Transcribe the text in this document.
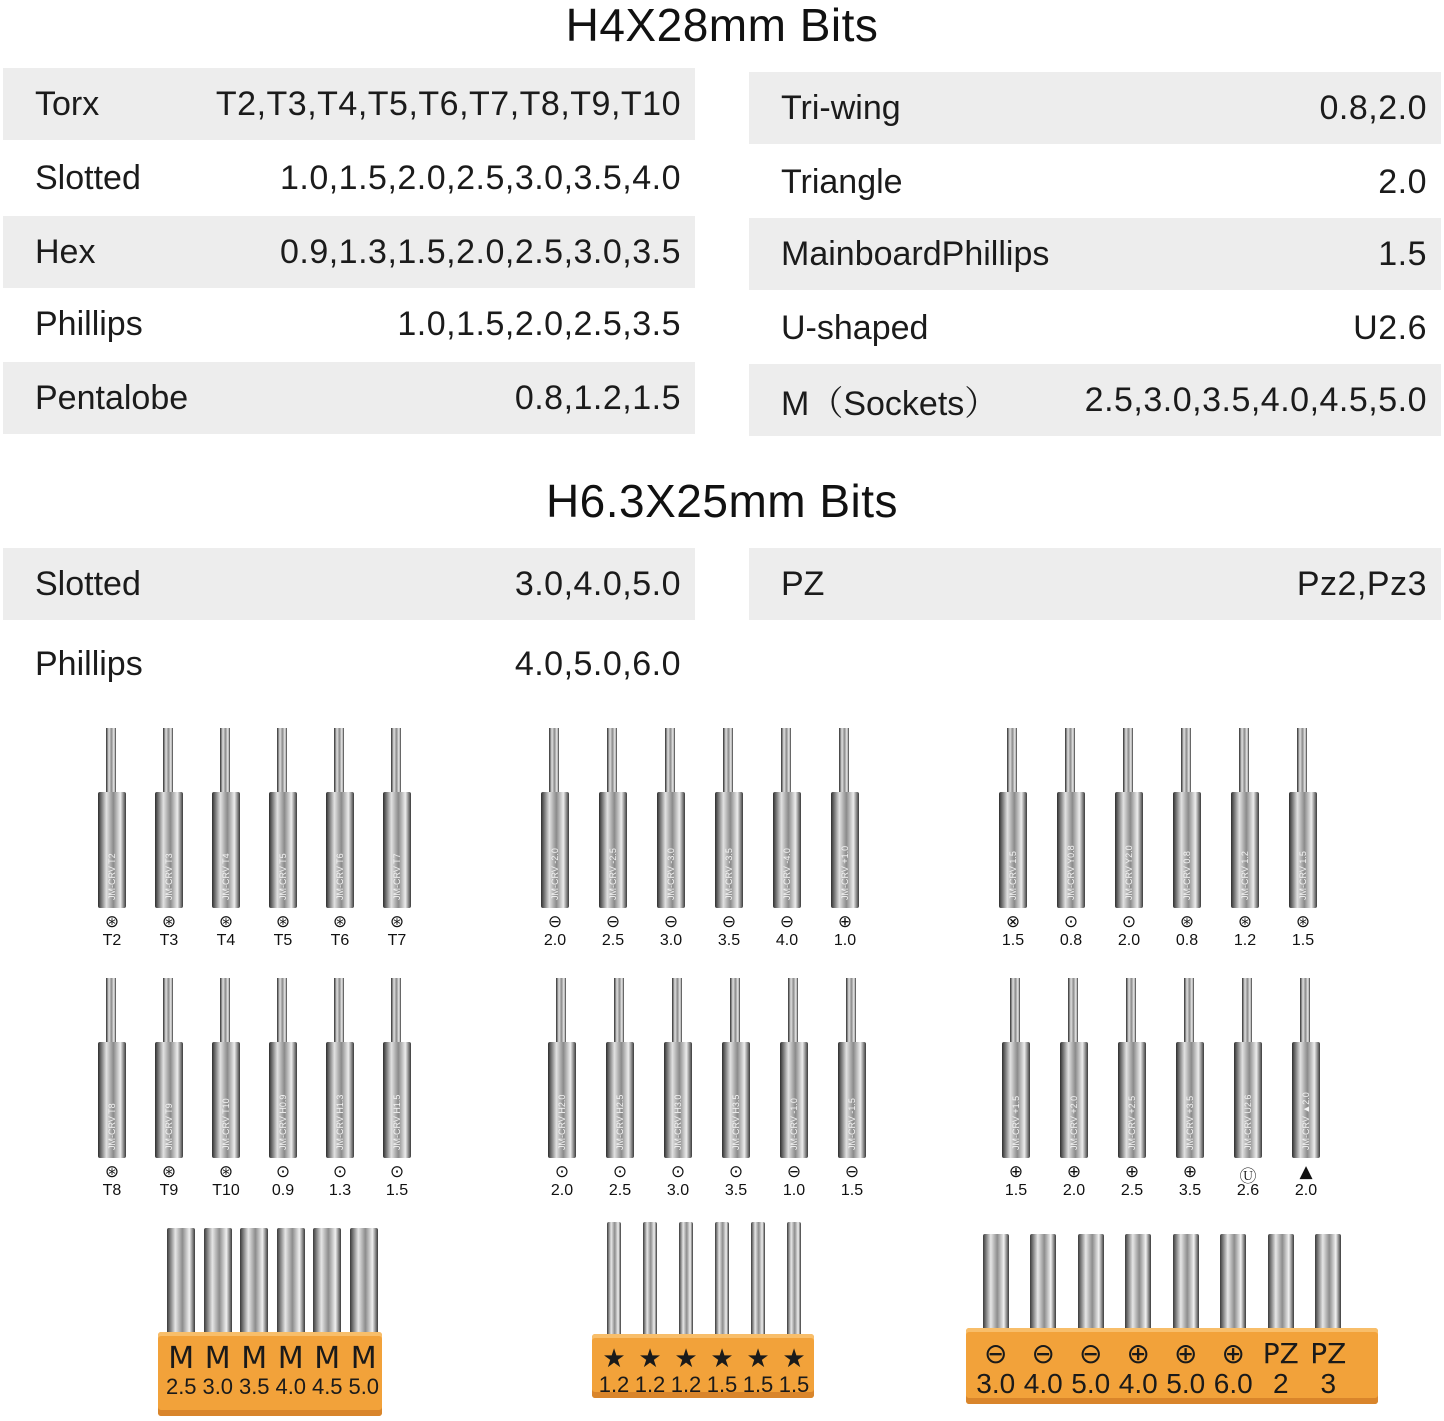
H4X28mm Bits
Torx	T2,T3,T4,T5,T6,T7,T8,T9,T10
Slotted	1.0,1.5,2.0,2.5,3.0,3.5,4.0
Hex	0.9,1.3,1.5,2.0,2.5,3.0,3.5
Phillips	1.0,1.5,2.0,2.5,3.5
Pentalobe	0.8,1.2,1.5
Tri-wing	0.8,2.0
Triangle	2.0
MainboardPhillips	1.5
U-shaped	U2.6
M（Sockets）	2.5,3.0,3.5,4.0,4.5,5.0
H6.3X25mm Bits
Slotted	3.0,4.0,5.0
Phillips	4.0,5.0,6.0
PZ	Pz2,Pz3
JM-CRV T2
⊛
T2
JM-CRV T3
⊛
T3
JM-CRV T4
⊛
T4
JM-CRV T5
⊛
T5
JM-CRV T6
⊛
T6
JM-CRV T7
⊛
T7
JM-CRV -2.0
⊖
2.0
JM-CRV -2.5
⊖
2.5
JM-CRV -3.0
⊖
3.0
JM-CRV -3.5
⊖
3.5
JM-CRV -4.0
⊖
4.0
JM-CRV +1.0
⊕
1.0
JM-CRV 1.5
⊗
1.5
JM-CRV Y0.8
⊙
0.8
JM-CRV Y2.0
⊙
2.0
JM-CRV 0.8
⊛
0.8
JM-CRV 1.2
⊛
1.2
JM-CRV 1.5
⊛
1.5
JM-CRV T8
⊛
T8
JM-CRV T9
⊛
T9
JM-CRV T10
⊛
T10
JM-CRV H0.9
⊙
0.9
JM-CRV H1.3
⊙
1.3
JM-CRV H1.5
⊙
1.5
JM-CRV H2.0
⊙
2.0
JM-CRV H2.5
⊙
2.5
JM-CRV H3.0
⊙
3.0
JM-CRV H3.5
⊙
3.5
JM-CRV -1.0
⊖
1.0
JM-CRV -1.5
⊖
1.5
JM-CRV +1.5
⊕
1.5
JM-CRV +2.0
⊕
2.0
JM-CRV +2.5
⊕
2.5
JM-CRV +3.5
⊕
3.5
JM-CRV U2.6
Ⓤ
2.6
JM-CRV ▲2.0
▲
2.0
M
2.5
M
3.0
M
3.5
M
4.0
M
4.5
M
5.0
★
1.2
★
1.2
★
1.2
★
1.5
★
1.5
★
1.5
⊖
3.0
⊖
4.0
⊖
5.0
⊕
4.0
⊕
5.0
⊕
6.0
PZ
2
PZ
3
